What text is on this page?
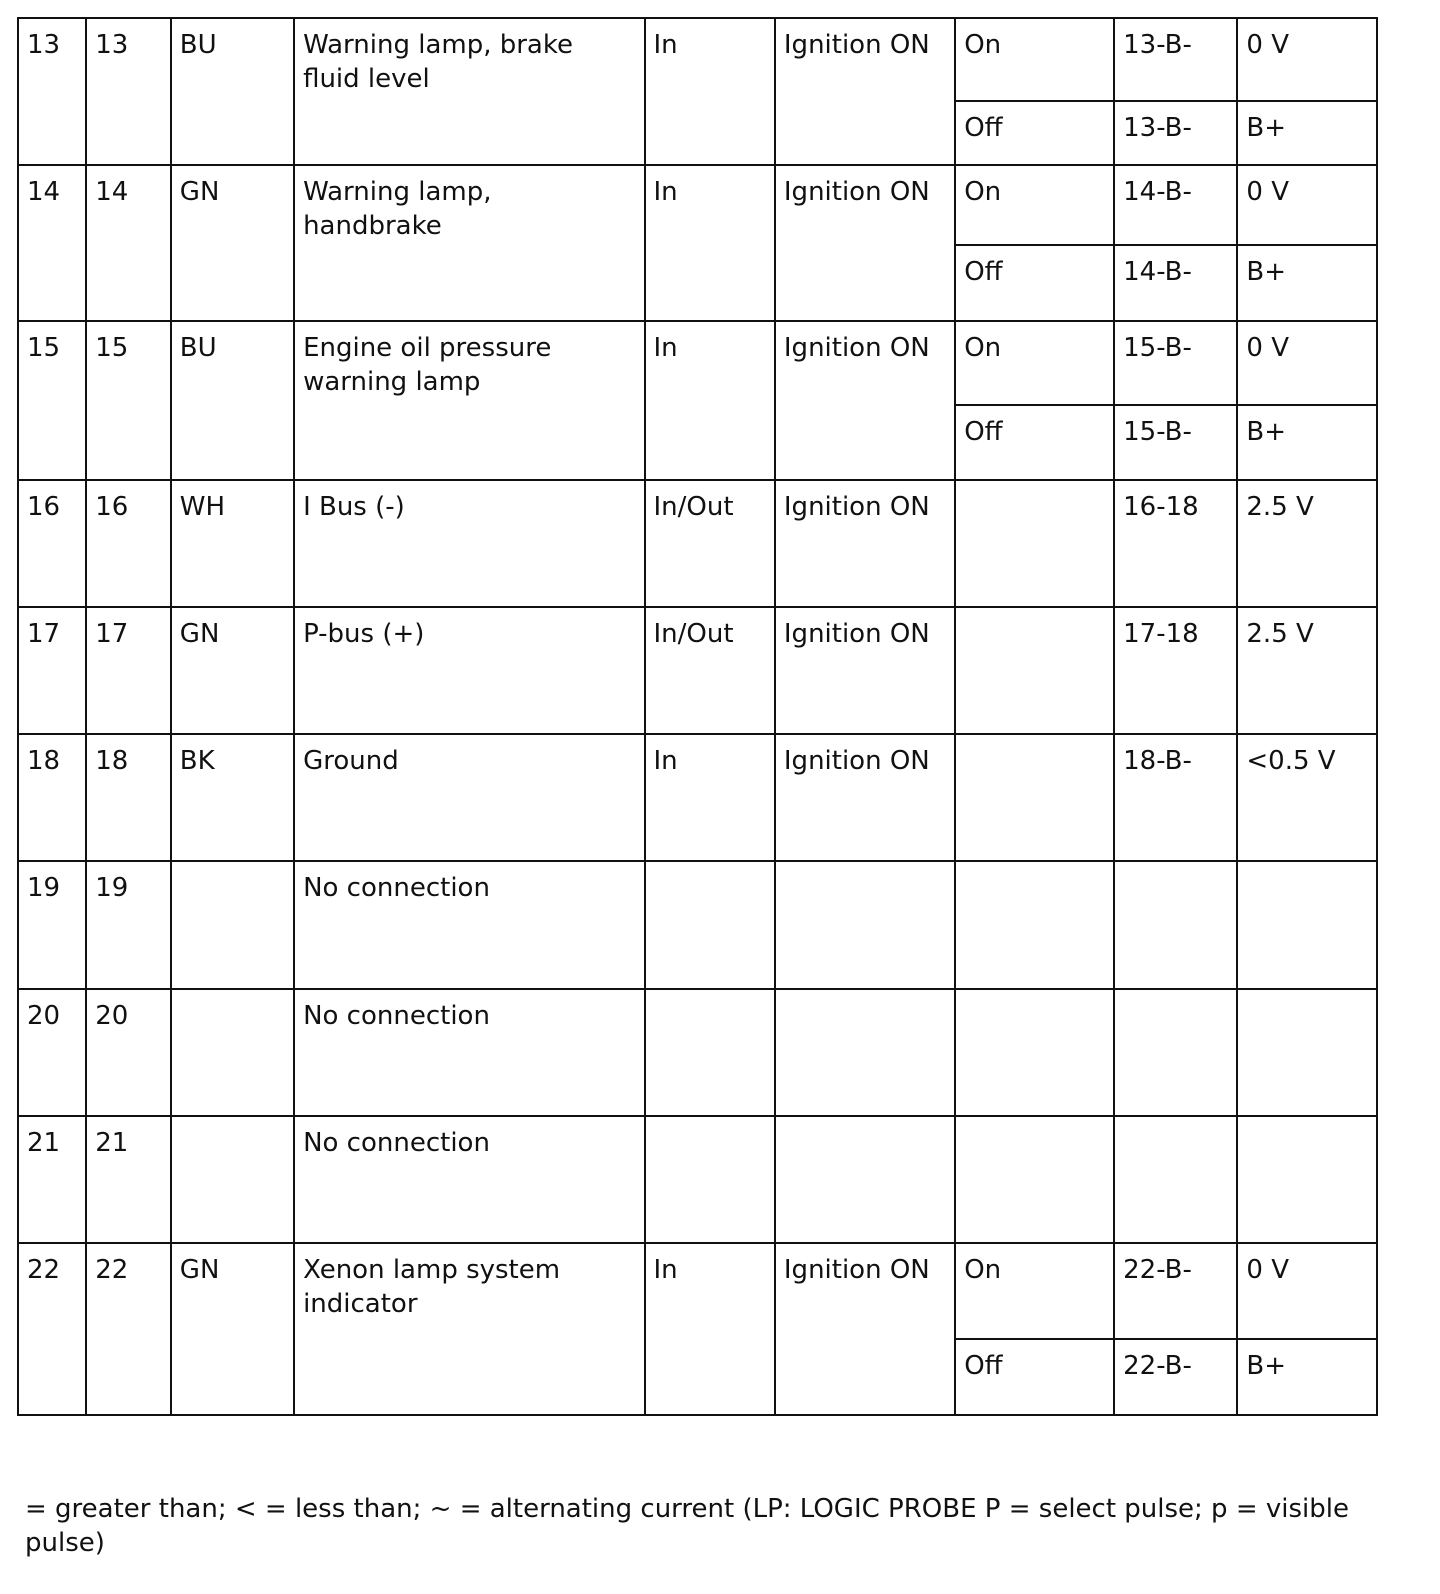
13	13	BU	Warning lamp, brake fluid level	In	Ignition ON	On	13-B-	0 V
						Off	13-B-	B+
14	14	GN	Warning lamp, handbrake	In	Ignition ON	On	14-B-	0 V
						Off	14-B-	B+
15	15	BU	Engine oil pressure warning lamp	In	Ignition ON	On	15-B-	0 V
						Off	15-B-	B+
16	16	WH	I Bus (-)	In/Out	Ignition ON		16-18	2.5 V
17	17	GN	P-bus (+)	In/Out	Ignition ON		17-18	2.5 V
18	18	BK	Ground	In	Ignition ON		18-B-	<0.5 V
19	19		No connection					
20	20		No connection					
21	21		No connection					
22	22	GN	Xenon lamp system indicator	In	Ignition ON	On	22-B-	0 V
						Off	22-B-	B+
= greater than; < = less than; ~ = alternating current (LP: LOGIC PROBE P = select pulse; p = visible pulse)
